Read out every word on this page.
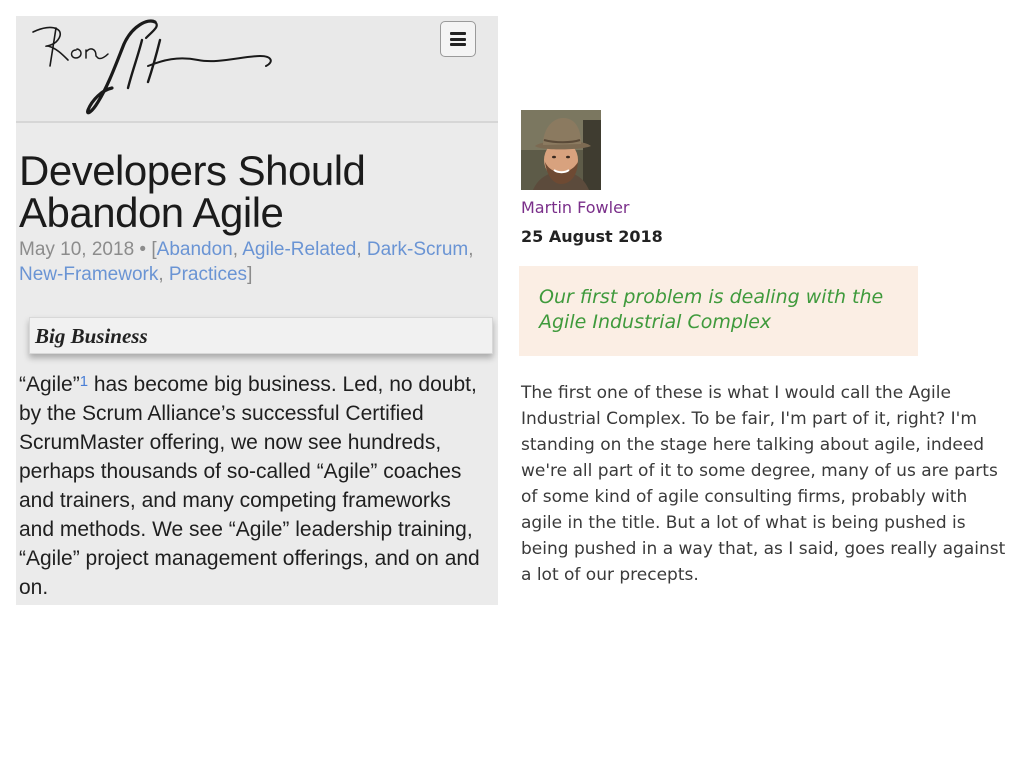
Developers Should Abandon Agile
May 10, 2018 • [Abandon, Agile-Related, Dark-Scrum, New-Framework, Practices]
Big Business

“Agile”$^1$ has become big business. Led, no doubt, by the Scrum Alliance’s successful Certified ScrumMaster offering, we now see hundreds, perhaps thousands of so-called “Agile” coaches and trainers, and many competing frameworks and methods. We see “Agile” leadership training, “Agile” project management offerings, and on and on.

Martin Fowler
25 August 2018
Our first problem is dealing with the Agile Industrial Complex

The first one of these is what I would call the Agile Industrial Complex. To be fair, I'm part of it, right? I'm standing on the stage here talking about agile, indeed we're all part of it to some degree, many of us are parts of some kind of agile consulting firms, probably with agile in the title. But a lot of what is being pushed is being pushed in a way that, as I said, goes really against a lot of our precepts.
